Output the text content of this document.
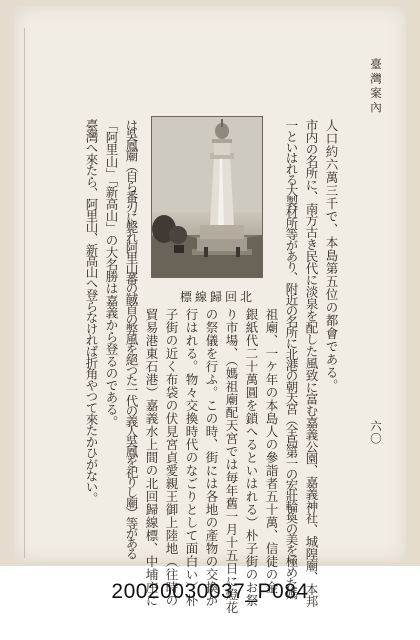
臺灣案內
六〇
人口約六萬三千で、本島第五位の都會である。
市内の名所に、南方古き民代に淡泉を配した風致に富む嘉義公園、嘉義神社、城隍廟、本邦
一といはれる大製材所等があり、附近の名所に北港の朝天宮（全島第一の宏壯輪奐の美を極めた媽
祖廟、一ケ年の本島人の參詣者五十萬、信徒の金
銀紙代二十萬圓を鎖へるといはれる）朴子街のお祭
り市場、（媽祖廟配天宮では毎年舊一月十五日に燈花
の祭儀を行ふ。この時、街には各地の產物の交換が
行はれる。物々交換時代のなごりとして面白い）朴
子街の近く布袋の伏見宮貞愛親王御上陸地（往時の
貿易港東石港）嘉義水上間の北回歸線標、中埔庄に
は吳鳳廟（自ら番刃に斃れ阿里山蕃の馘首の弊風を絕つた一代の義人吳鳳を祀りし廟）等がある
「阿里山」「新高山」の大名勝は嘉義から登るのである。
臺灣へ來たら、阿里山、新高山へ登らなければ折角やつて來たかひがない。	北回歸線標
20020030037_P084
